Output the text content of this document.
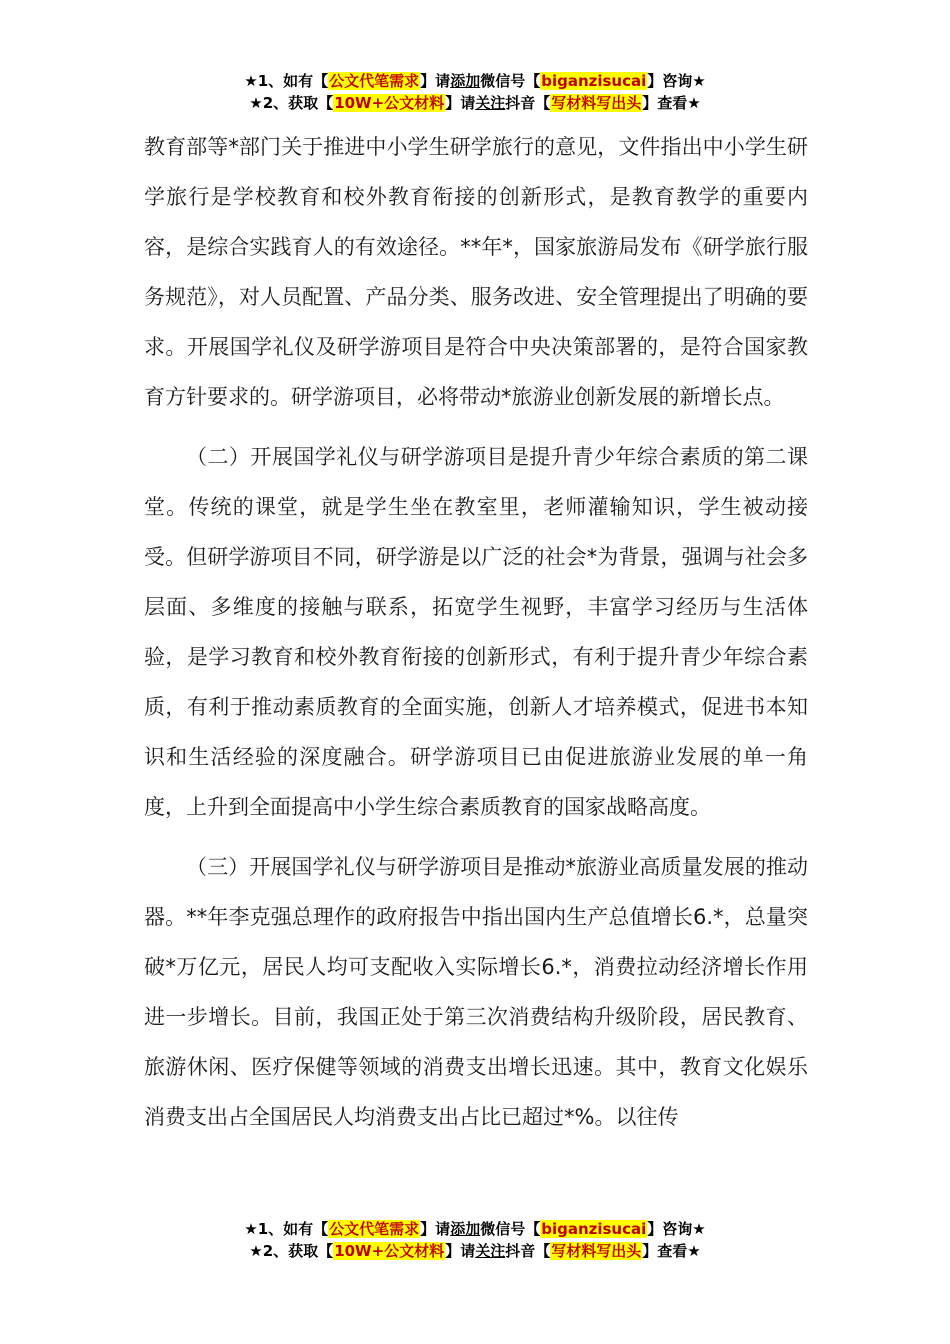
★1、如有【公文代笔需求】请添加微信号【biganzisucai】咨询★
★2、获取【10W+公文材料】请关注抖音【写材料写出头】查看★

教育部等*部门关于推进中小学生研学旅行的意见，文件指出中小学生研学旅行是学校教育和校外教育衔接的创新形式，是教育教学的重要内容，是综合实践育人的有效途径。**年*，国家旅游局发布《研学旅行服务规范》，对人员配置、产品分类、服务改进、安全管理提出了明确的要求。开展国学礼仪及研学游项目是符合中央决策部署的，是符合国家教育方针要求的。研学游项目，必将带动*旅游业创新发展的新增长点。

（二）开展国学礼仪与研学游项目是提升青少年综合素质的第二课堂。传统的课堂，就是学生坐在教室里，老师灌输知识，学生被动接受。但研学游项目不同，研学游是以广泛的社会*为背景，强调与社会多层面、多维度的接触与联系，拓宽学生视野，丰富学习经历与生活体验，是学习教育和校外教育衔接的创新形式，有利于提升青少年综合素质，有利于推动素质教育的全面实施，创新人才培养模式，促进书本知识和生活经验的深度融合。研学游项目已由促进旅游业发展的单一角度，上升到全面提高中小学生综合素质教育的国家战略高度。

（三）开展国学礼仪与研学游项目是推动*旅游业高质量发展的推动器。**年李克强总理作的政府报告中指出国内生产总值增长6.*，总量突破*万亿元，居民人均可支配收入实际增长6.*，消费拉动经济增长作用进一步增长。目前，我国正处于第三次消费结构升级阶段，居民教育、旅游休闲、医疗保健等领域的消费支出增长迅速。其中，教育文化娱乐消费支出占全国居民人均消费支出占比已超过*%。以往传

★1、如有【公文代笔需求】请添加微信号【biganzisucai】咨询★
★2、获取【10W+公文材料】请关注抖音【写材料写出头】查看★
